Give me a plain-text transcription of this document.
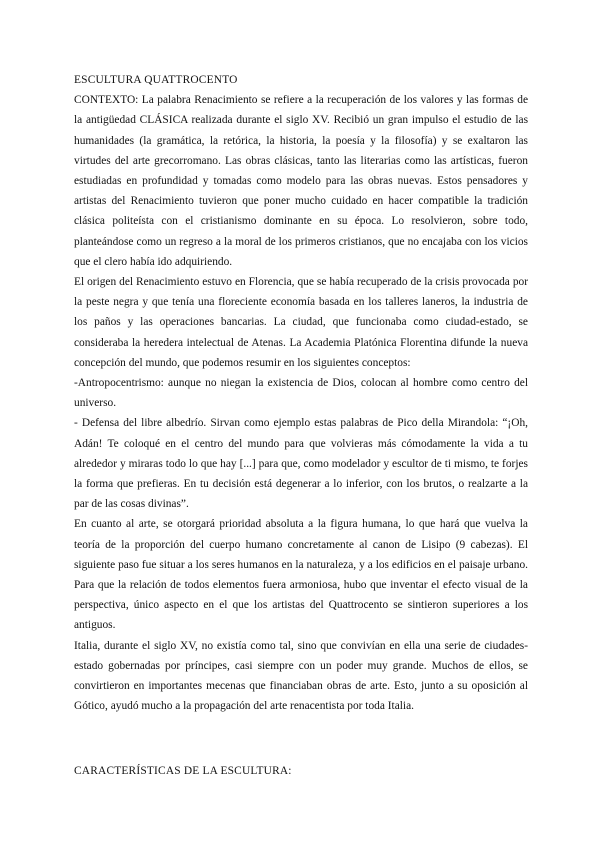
ESCULTURA QUATTROCENTO

CONTEXTO: La palabra Renacimiento se refiere a la recuperación de los valores y las formas de la antigüedad CLÁSICA realizada durante el siglo XV. Recibió un gran impulso el estudio de las humanidades (la gramática, la retórica, la historia, la poesía y la filosofía) y se exaltaron las virtudes del arte grecorromano. Las obras clásicas, tanto las literarias como las artísticas, fueron estudiadas en profundidad y tomadas como modelo para las obras nuevas. Estos pensadores y artistas del Renacimiento tuvieron que poner mucho cuidado en hacer compatible la tradición clásica politeísta con el cristianismo dominante en su época. Lo resolvieron, sobre todo, planteándose como un regreso a la moral de los primeros cristianos, que no encajaba con los vicios que el clero había ido adquiriendo.

El origen del Renacimiento estuvo en Florencia, que se había recuperado de la crisis provocada por la peste negra y que tenía una floreciente economía basada en los talleres laneros, la industria de los paños y las operaciones bancarias. La ciudad, que funcionaba como ciudad-estado, se consideraba la heredera intelectual de Atenas. La Academia Platónica Florentina difunde la nueva concepción del mundo, que podemos resumir en los siguientes conceptos:

-Antropocentrismo: aunque no niegan la existencia de Dios, colocan al hombre como centro del universo.

- Defensa del libre albedrío. Sirvan como ejemplo estas palabras de Pico della Mirandola: “¡Oh, Adán! Te coloqué en el centro del mundo para que volvieras más cómodamente la vida a tu alrededor y miraras todo lo que hay [...] para que, como modelador y escultor de ti mismo, te forjes la forma que prefieras. En tu decisión está degenerar a lo inferior, con los brutos, o realzarte a la par de las cosas divinas”.

En cuanto al arte, se otorgará prioridad absoluta a la figura humana, lo que hará que vuelva la teoría de la proporción del cuerpo humano concretamente al canon de Lisipo (9 cabezas). El siguiente paso fue situar a los seres humanos en la naturaleza, y a los edificios en el paisaje urbano. Para que la relación de todos elementos fuera armoniosa, hubo que inventar el efecto visual de la perspectiva, único aspecto en el que los artistas del Quattrocento se sintieron superiores a los antiguos.

Italia, durante el siglo XV, no existía como tal, sino que convivían en ella una serie de ciudades-estado gobernadas por príncipes, casi siempre con un poder muy grande. Muchos de ellos, se convirtieron en importantes mecenas que financiaban obras de arte. Esto, junto a su oposición al Gótico, ayudó mucho a la propagación del arte renacentista por toda Italia.

CARACTERÍSTICAS DE LA ESCULTURA:
